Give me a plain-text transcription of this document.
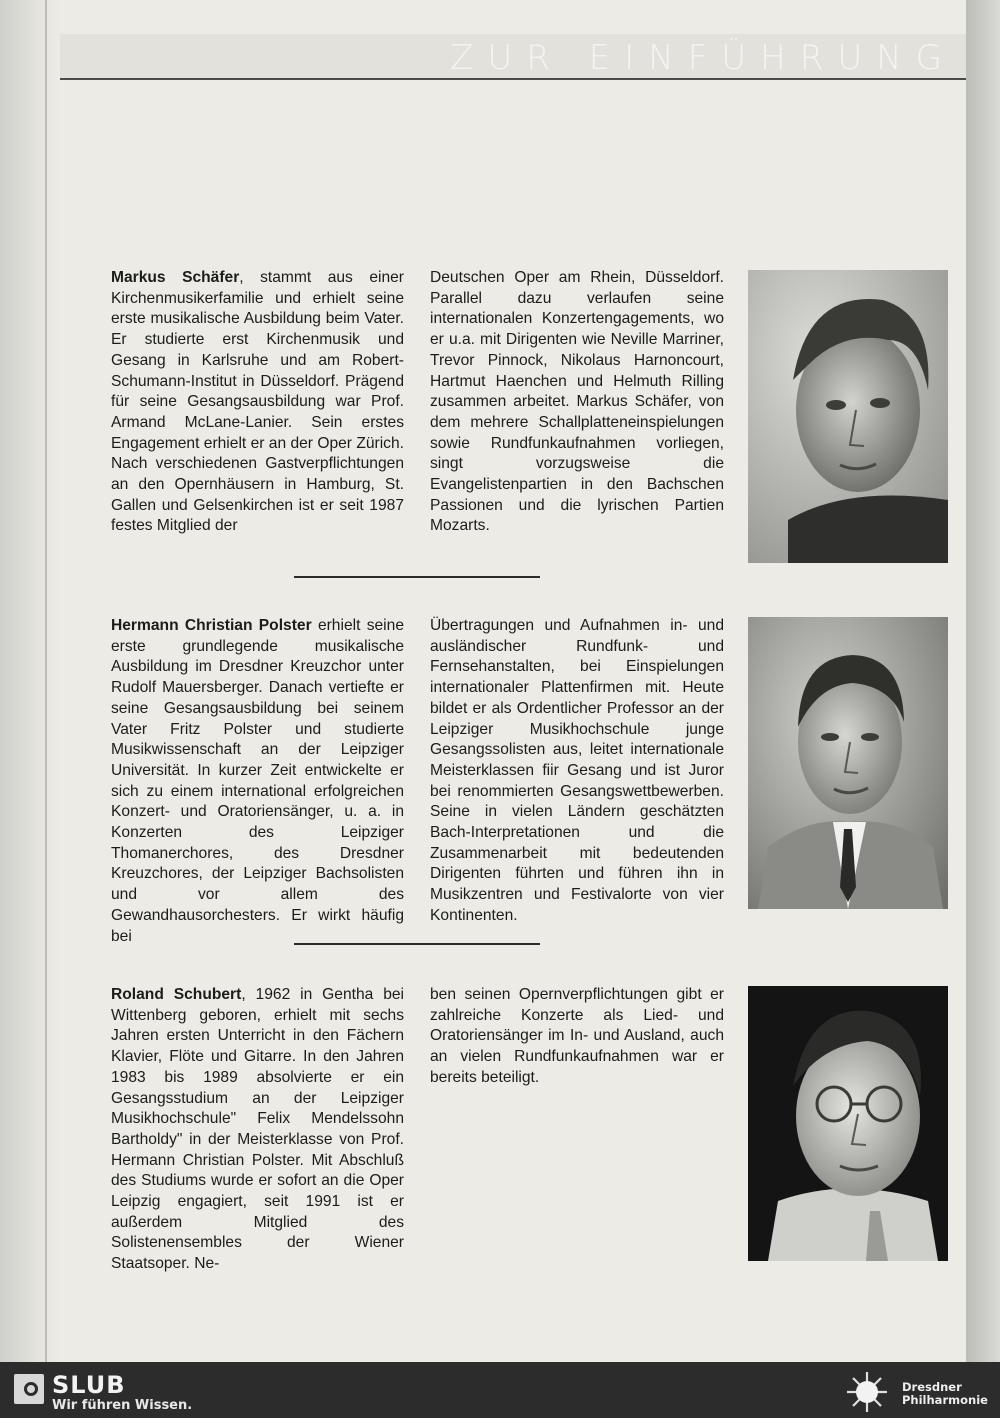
ZUR EINFÜHRUNG

Markus Schäfer, stammt aus einer Kirchenmusikerfamilie und erhielt seine erste musikalische Ausbildung beim Vater. Er studierte erst Kirchenmusik und Gesang in Karlsruhe und am Robert-Schumann-Institut in Düsseldorf. Prägend für seine Gesangsausbildung war Prof. Armand McLane-Lanier. Sein erstes Engagement erhielt er an der Oper Zürich. Nach verschiedenen Gastverpflichtungen an den Opernhäusern in Hamburg, St. Gallen und Gelsenkirchen ist er seit 1987 festes Mitglied der

Deutschen Oper am Rhein, Düsseldorf. Parallel dazu verlaufen seine internationalen Konzertengagements, wo er u.a. mit Dirigenten wie Neville Marriner, Trevor Pinnock, Nikolaus Harnoncourt, Hartmut Haenchen und Helmuth Rilling zusammen arbeitet. Markus Schäfer, von dem mehrere Schallplatteneinspielungen sowie Rundfunkaufnahmen vorliegen, singt vorzugsweise die Evangelistenpartien in den Bachschen Passionen und die lyrischen Partien Mozarts.

Hermann Christian Polster erhielt seine erste grundlegende musikalische Ausbildung im Dresdner Kreuzchor unter Rudolf Mauersberger. Danach vertiefte er seine Gesangsausbildung bei seinem Vater Fritz Polster und studierte Musikwissenschaft an der Leipziger Universität. In kurzer Zeit entwickelte er sich zu einem international erfolgreichen Konzert- und Oratoriensänger, u. a. in Konzerten des Leipziger Thomanerchores, des Dresdner Kreuzchores, der Leipziger Bachsolisten und vor allem des Gewandhausorchesters. Er wirkt häufig bei

Übertragungen und Aufnahmen in- und ausländischer Rundfunk- und Fernsehanstalten, bei Einspielungen internationaler Plattenfirmen mit. Heute bildet er als Ordentlicher Professor an der Leipziger Musikhochschule junge Gesangssolisten aus, leitet internationale Meisterklassen fiir Gesang und ist Juror bei renommierten Gesangswettbewerben. Seine in vielen Ländern geschätzten Bach-Interpretationen und die Zusammenarbeit mit bedeutenden Dirigenten führten und führen ihn in Musikzentren und Festivalorte von vier Kontinenten.

Roland Schubert, 1962 in Gentha bei Wittenberg geboren, erhielt mit sechs Jahren ersten Unterricht in den Fächern Klavier, Flöte und Gitarre. In den Jahren 1983 bis 1989 absolvierte er ein Gesangsstudium an der Leipziger Musikhochschule" Felix Mendelssohn Bartholdy" in der Meisterklasse von Prof. Hermann Christian Polster. Mit Abschluß des Studiums wurde er sofort an die Oper Leipzig engagiert, seit 1991 ist er außerdem Mitglied des Solistenensembles der Wiener Staatsoper. Ne-

ben seinen Opernverpflichtungen gibt er zahlreiche Konzerte als Lied- und Oratoriensänger im In- und Ausland, auch an vielen Rundfunkaufnahmen war er bereits beteiligt.

SLUB
Wir führen Wissen.
Dresdner
Philharmonie
